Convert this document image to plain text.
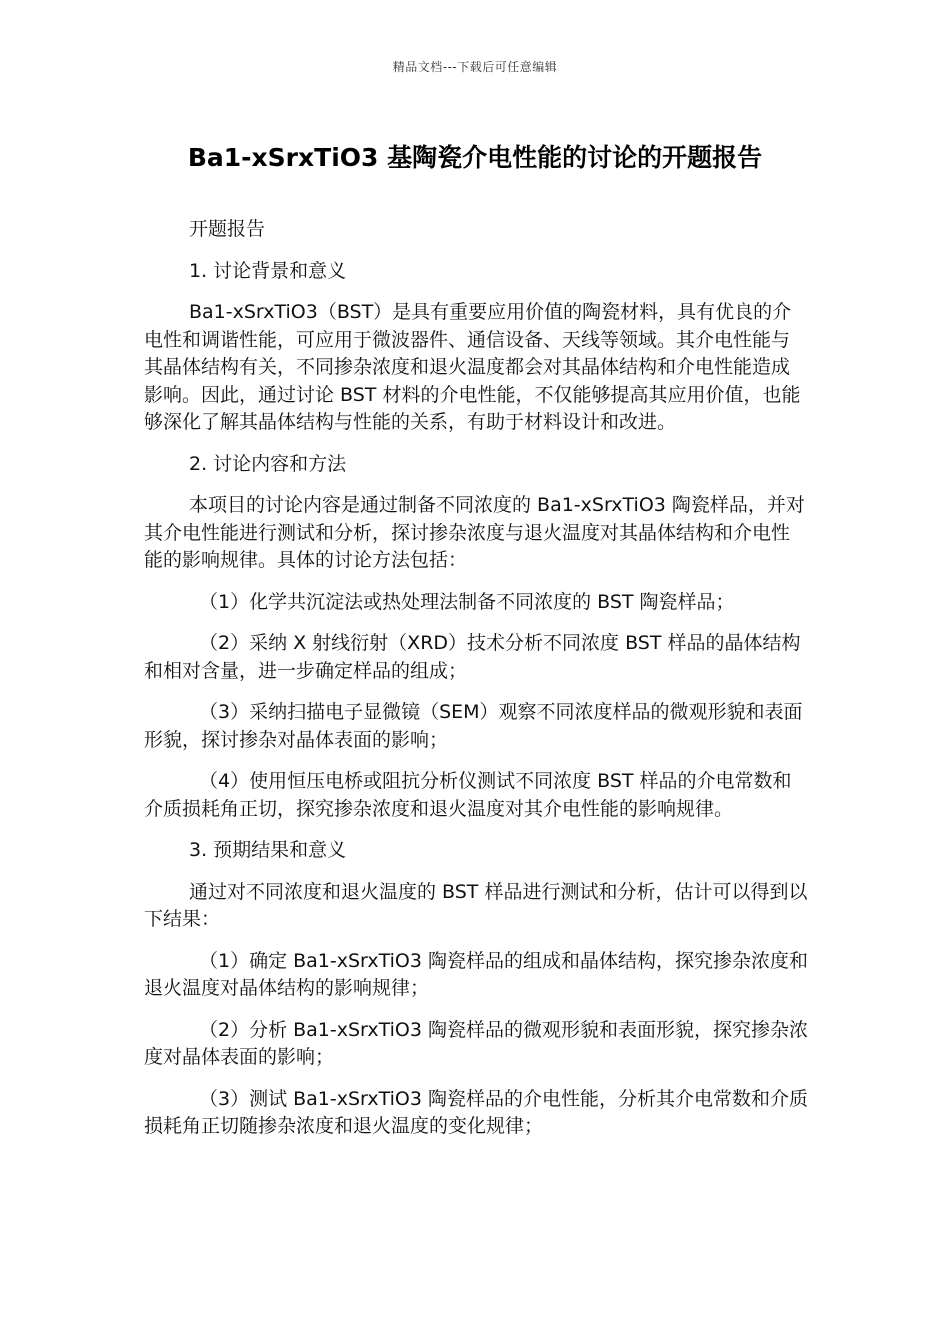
精品文档---下载后可任意编辑
Ba1-xSrxTiO3 基陶瓷介电性能的讨论的开题报告

开题报告

1. 讨论背景和意义

Ba1-xSrxTiO3（BST）是具有重要应用价值的陶瓷材料，具有优良的介电性和调谐性能，可应用于微波器件、通信设备、天线等领域。其介电性能与其晶体结构有关，不同掺杂浓度和退火温度都会对其晶体结构和介电性能造成影响。因此，通过讨论 BST 材料的介电性能，不仅能够提高其应用价值，也能够深化了解其晶体结构与性能的关系，有助于材料设计和改进。

2. 讨论内容和方法

本项目的讨论内容是通过制备不同浓度的 Ba1-xSrxTiO3 陶瓷样品，并对其介电性能进行测试和分析，探讨掺杂浓度与退火温度对其晶体结构和介电性能的影响规律。具体的讨论方法包括：

（1）化学共沉淀法或热处理法制备不同浓度的 BST 陶瓷样品；

（2）采纳 X 射线衍射（XRD）技术分析不同浓度 BST 样品的晶体结构和相对含量，进一步确定样品的组成；

（3）采纳扫描电子显微镜（SEM）观察不同浓度样品的微观形貌和表面形貌，探讨掺杂对晶体表面的影响；

（4）使用恒压电桥或阻抗分析仪测试不同浓度 BST 样品的介电常数和介质损耗角正切，探究掺杂浓度和退火温度对其介电性能的影响规律。

3. 预期结果和意义

通过对不同浓度和退火温度的 BST 样品进行测试和分析，估计可以得到以下结果：

（1）确定 Ba1-xSrxTiO3 陶瓷样品的组成和晶体结构，探究掺杂浓度和退火温度对晶体结构的影响规律；

（2）分析 Ba1-xSrxTiO3 陶瓷样品的微观形貌和表面形貌，探究掺杂浓度对晶体表面的影响；

（3）测试 Ba1-xSrxTiO3 陶瓷样品的介电性能，分析其介电常数和介质损耗角正切随掺杂浓度和退火温度的变化规律；
